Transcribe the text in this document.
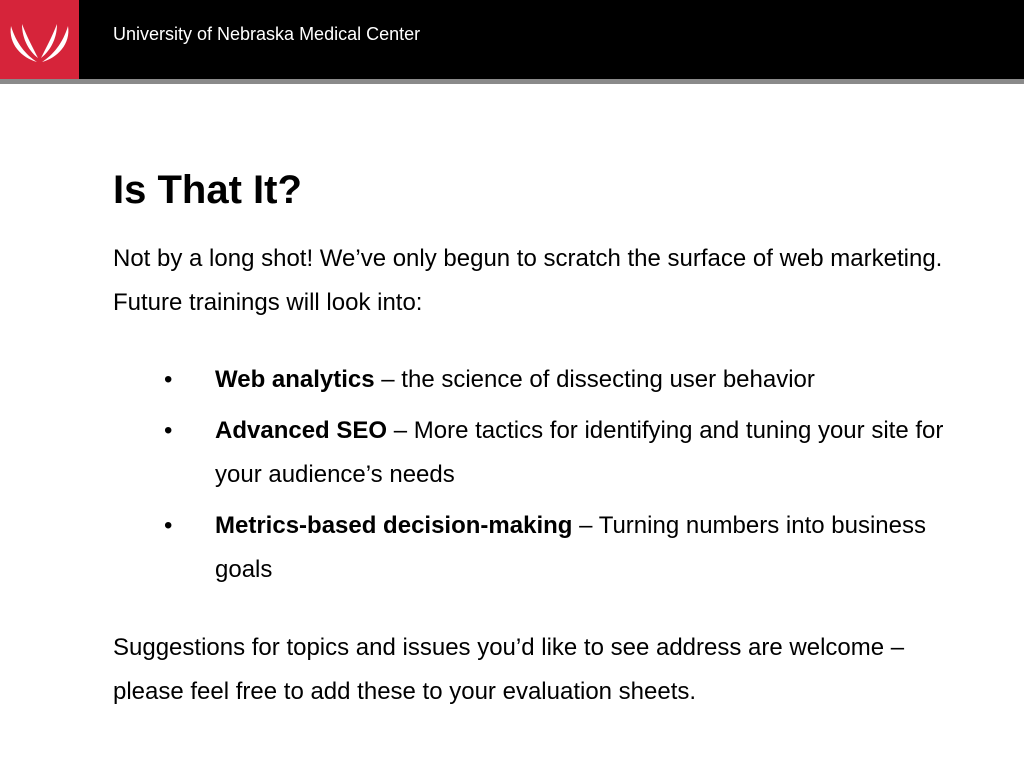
University of Nebraska Medical Center
Is That It?

Not by a long shot! We’ve only begun to scratch the surface of web marketing. Future trainings will look into:

• Web analytics – the science of dissecting user behavior
• Advanced SEO – More tactics for identifying and tuning your site for your audience’s needs
• Metrics-based decision-making – Turning numbers into business goals

Suggestions for topics and issues you’d like to see address are welcome – please feel free to add these to your evaluation sheets.
